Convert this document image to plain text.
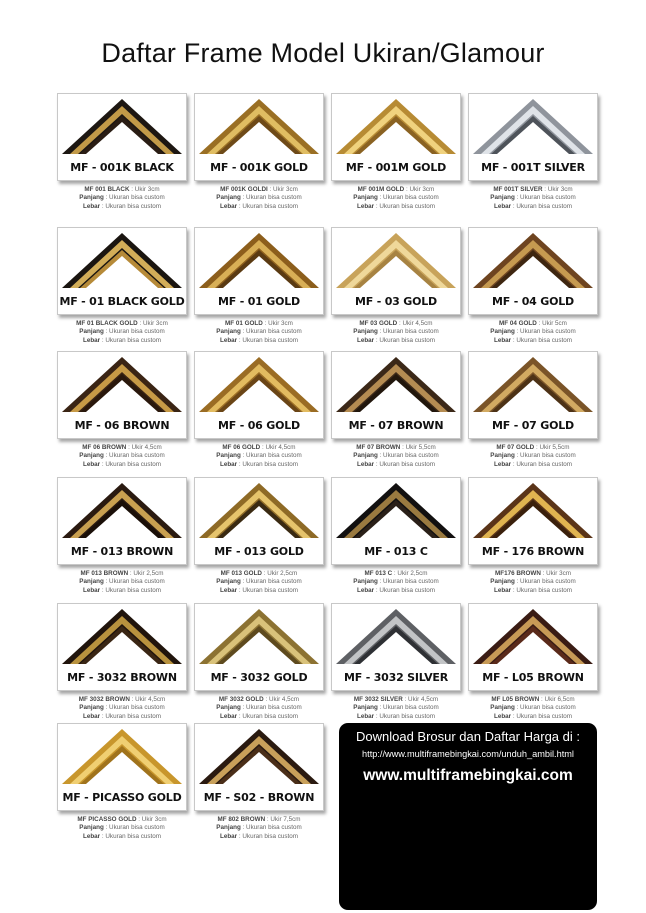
Daftar Frame Model Ukiran/Glamour
MF - 001K BLACK
MF 001 BLACK : Ukir 3cm
Panjang : Ukuran bisa custom
Lebar : Ukuran bisa custom
MF - 001K GOLD
MF 001K GOLDI : Ukir 3cm
Panjang : Ukuran bisa custom
Lebar : Ukuran bisa custom
MF - 001M GOLD
MF 001M GOLD : Ukir 3cm
Panjang : Ukuran bisa custom
Lebar : Ukuran bisa custom
MF - 001T SILVER
MF 001T SILVER : Ukir 3cm
Panjang : Ukuran bisa custom
Lebar : Ukuran bisa custom
MF - 01 BLACK GOLD
MF 01 BLACK GOLD : Ukir 3cm
Panjang : Ukuran bisa custom
Lebar : Ukuran bisa custom
MF - 01 GOLD
MF 01 GOLD : Ukir 3cm
Panjang : Ukuran bisa custom
Lebar : Ukuran bisa custom
MF - 03 GOLD
MF 03 GOLD : Ukir 4,5cm
Panjang : Ukuran bisa custom
Lebar : Ukuran bisa custom
MF - 04 GOLD
MF 04 GOLD : Ukir 5cm
Panjang : Ukuran bisa custom
Lebar : Ukuran bisa custom
MF - 06 BROWN
MF 06 BROWN : Ukir 4,5cm
Panjang : Ukuran bisa custom
Lebar : Ukuran bisa custom
MF - 06 GOLD
MF 06 GOLD : Ukir 4,5cm
Panjang : Ukuran bisa custom
Lebar : Ukuran bisa custom
MF - 07 BROWN
MF 07 BROWN : Ukir 5,5cm
Panjang : Ukuran bisa custom
Lebar : Ukuran bisa custom
MF - 07 GOLD
MF 07 GOLD : Ukir 5,5cm
Panjang : Ukuran bisa custom
Lebar : Ukuran bisa custom
MF - 013 BROWN
MF 013 BROWN : Ukir 2,5cm
Panjang : Ukuran bisa custom
Lebar : Ukuran bisa custom
MF - 013 GOLD
MF 013 GOLD : Ukir 2,5cm
Panjang : Ukuran bisa custom
Lebar : Ukuran bisa custom
MF - 013 C
MF 013 C : Ukir 2,5cm
Panjang : Ukuran bisa custom
Lebar : Ukuran bisa custom
MF - 176 BROWN
MF176 BROWN : Ukir 3cm
Panjang : Ukuran bisa custom
Lebar : Ukuran bisa custom
MF - 3032 BROWN
MF 3032 BROWN : Ukir 4,5cm
Panjang : Ukuran bisa custom
Lebar : Ukuran bisa custom
MF - 3032 GOLD
MF 3032 GOLD : Ukir 4,5cm
Panjang : Ukuran bisa custom
Lebar : Ukuran bisa custom
MF - 3032 SILVER
MF 3032 SILVER : Ukir 4,5cm
Panjang : Ukuran bisa custom
Lebar : Ukuran bisa custom
MF - L05 BROWN
MF L05 BROWN : Ukir 6,5cm
Panjang : Ukuran bisa custom
Lebar : Ukuran bisa custom
MF - PICASSO GOLD
MF PICASSO GOLD : Ukir 3cm
Panjang : Ukuran bisa custom
Lebar : Ukuran bisa custom
MF - S02 - BROWN
MF 802 BROWN : Ukir 7,5cm
Panjang : Ukuran bisa custom
Lebar : Ukuran bisa custom
Download Brosur dan Daftar Harga di :
http://www.multiframebingkai.com/unduh_ambil.html
www.multiframebingkai.com
